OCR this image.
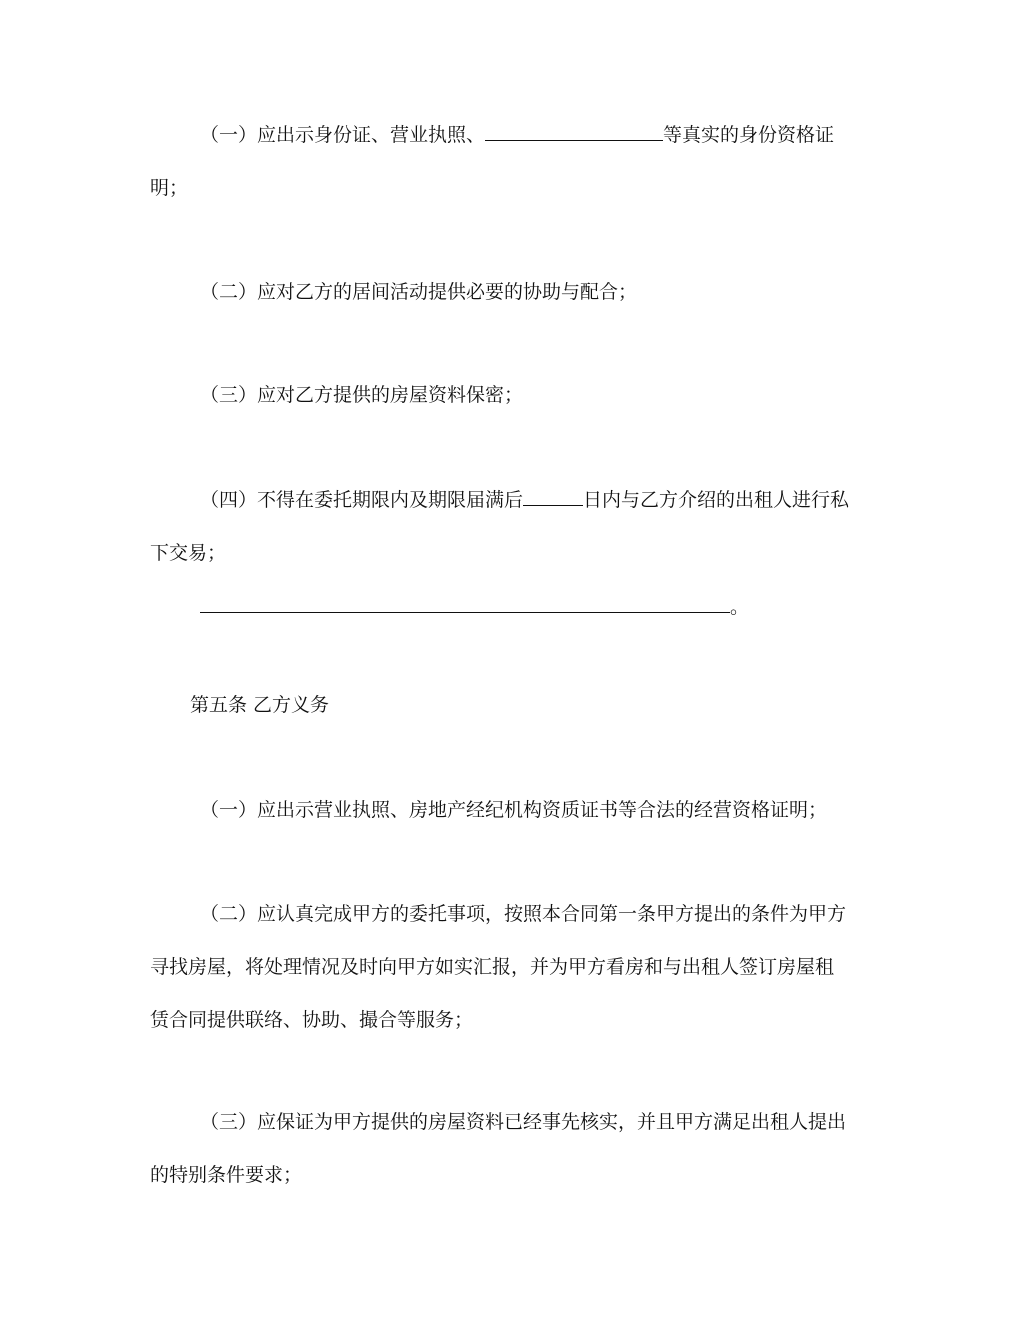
（一）应出示身份证、营业执照、	等真实的身份资格证
明；
（二）应对乙方的居间活动提供必要的协助与配合；
（三）应对乙方提供的房屋资料保密；
（四）不得在委托期限内及期限届满后	日内与乙方介绍的出租人进行私
下交易；
。
第五条 乙方义务
（一）应出示营业执照、房地产经纪机构资质证书等合法的经营资格证明；
（二）应认真完成甲方的委托事项，按照本合同第一条甲方提出的条件为甲方
寻找房屋，将处理情况及时向甲方如实汇报，并为甲方看房和与出租人签订房屋租
赁合同提供联络、协助、撮合等服务；
（三）应保证为甲方提供的房屋资料已经事先核实，并且甲方满足出租人提出
的特别条件要求；
